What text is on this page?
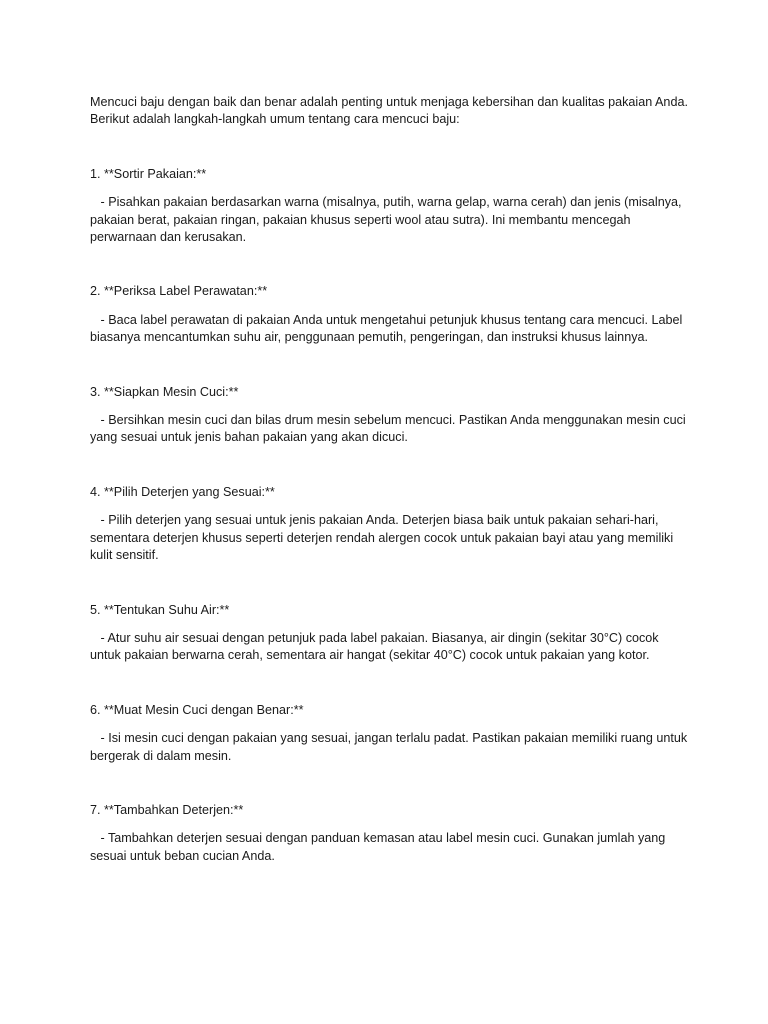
Mencuci baju dengan baik dan benar adalah penting untuk menjaga kebersihan dan kualitas pakaian Anda. Berikut adalah langkah-langkah umum tentang cara mencuci baju:

1. **Sortir Pakaian:**

- Pisahkan pakaian berdasarkan warna (misalnya, putih, warna gelap, warna cerah) dan jenis (misalnya, pakaian berat, pakaian ringan, pakaian khusus seperti wool atau sutra). Ini membantu mencegah perwarnaan dan kerusakan.

2. **Periksa Label Perawatan:**

- Baca label perawatan di pakaian Anda untuk mengetahui petunjuk khusus tentang cara mencuci. Label biasanya mencantumkan suhu air, penggunaan pemutih, pengeringan, dan instruksi khusus lainnya.

3. **Siapkan Mesin Cuci:**

- Bersihkan mesin cuci dan bilas drum mesin sebelum mencuci. Pastikan Anda menggunakan mesin cuci yang sesuai untuk jenis bahan pakaian yang akan dicuci.

4. **Pilih Deterjen yang Sesuai:**

- Pilih deterjen yang sesuai untuk jenis pakaian Anda. Deterjen biasa baik untuk pakaian sehari-hari, sementara deterjen khusus seperti deterjen rendah alergen cocok untuk pakaian bayi atau yang memiliki kulit sensitif.

5. **Tentukan Suhu Air:**

- Atur suhu air sesuai dengan petunjuk pada label pakaian. Biasanya, air dingin (sekitar 30°C) cocok untuk pakaian berwarna cerah, sementara air hangat (sekitar 40°C) cocok untuk pakaian yang kotor.

6. **Muat Mesin Cuci dengan Benar:**

- Isi mesin cuci dengan pakaian yang sesuai, jangan terlalu padat. Pastikan pakaian memiliki ruang untuk bergerak di dalam mesin.

7. **Tambahkan Deterjen:**

- Tambahkan deterjen sesuai dengan panduan kemasan atau label mesin cuci. Gunakan jumlah yang sesuai untuk beban cucian Anda.
